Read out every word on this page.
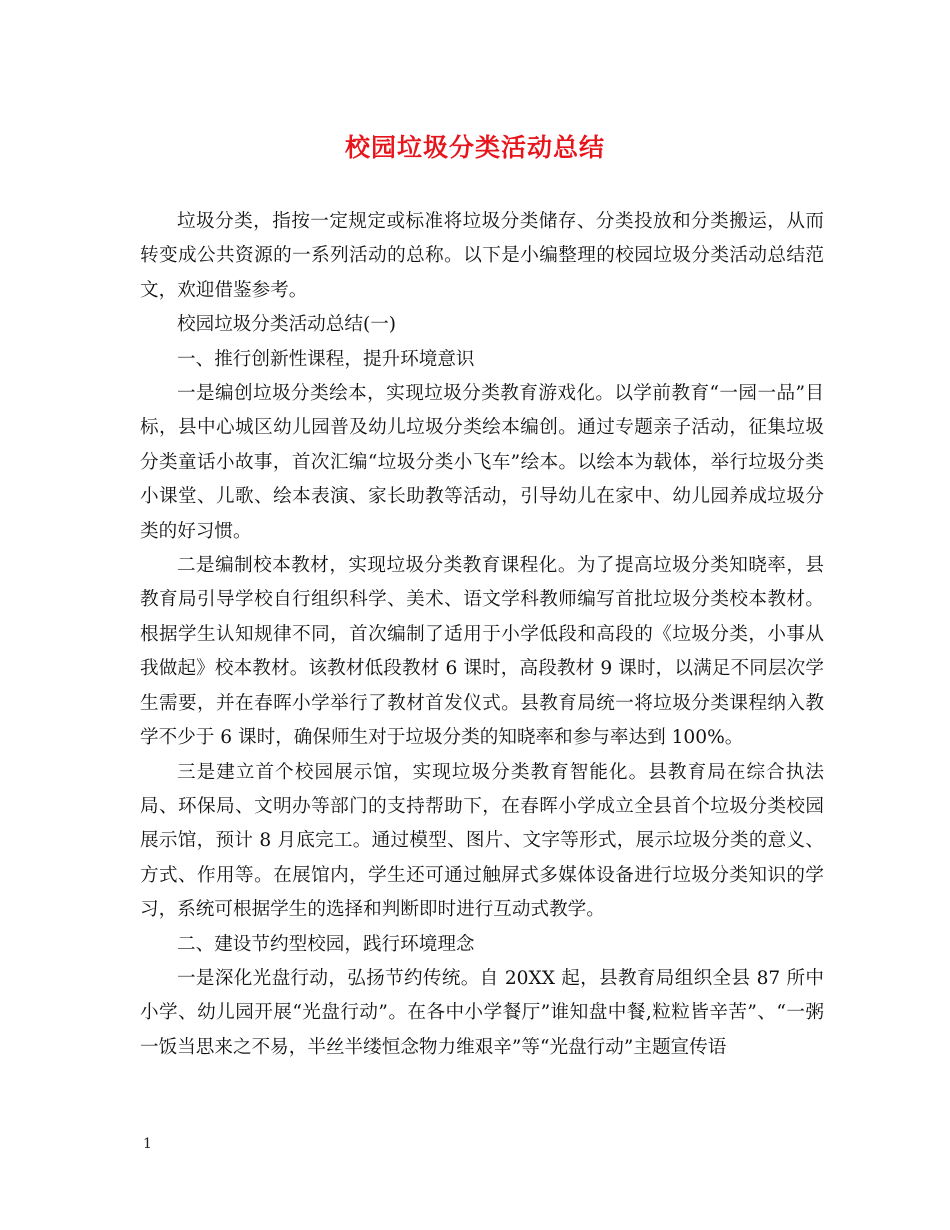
校园垃圾分类活动总结

垃圾分类，指按一定规定或标准将垃圾分类储存、分类投放和分类搬运，从而转变成公共资源的一系列活动的总称。以下是小编整理的校园垃圾分类活动总结范文，欢迎借鉴参考。

校园垃圾分类活动总结(一)

一、推行创新性课程，提升环境意识

一是编创垃圾分类绘本，实现垃圾分类教育游戏化。以学前教育“一园一品”目标，县中心城区幼儿园普及幼儿垃圾分类绘本编创。通过专题亲子活动，征集垃圾分类童话小故事，首次汇编“垃圾分类小飞车”绘本。以绘本为载体，举行垃圾分类小课堂、儿歌、绘本表演、家长助教等活动，引导幼儿在家中、幼儿园养成垃圾分类的好习惯。

二是编制校本教材，实现垃圾分类教育课程化。为了提高垃圾分类知晓率，县教育局引导学校自行组织科学、美术、语文学科教师编写首批垃圾分类校本教材。根据学生认知规律不同，首次编制了适用于小学低段和高段的《垃圾分类，小事从我做起》校本教材。该教材低段教材 6 课时，高段教材 9 课时，以满足不同层次学生需要，并在春晖小学举行了教材首发仪式。县教育局统一将垃圾分类课程纳入教学不少于 6 课时，确保师生对于垃圾分类的知晓率和参与率达到 100%。

三是建立首个校园展示馆，实现垃圾分类教育智能化。县教育局在综合执法局、环保局、文明办等部门的支持帮助下，在春晖小学成立全县首个垃圾分类校园展示馆，预计 8 月底完工。通过模型、图片、文字等形式，展示垃圾分类的意义、方式、作用等。在展馆内，学生还可通过触屏式多媒体设备进行垃圾分类知识的学习，系统可根据学生的选择和判断即时进行互动式教学。

二、建设节约型校园，践行环境理念

一是深化光盘行动，弘扬节约传统。自 20XX 起，县教育局组织全县 87 所中小学、幼儿园开展“光盘行动”。在各中小学餐厅”谁知盘中餐,粒粒皆辛苦”、“一粥一饭当思来之不易，半丝半缕恒念物力维艰辛”等“光盘行动”主题宣传语

1
